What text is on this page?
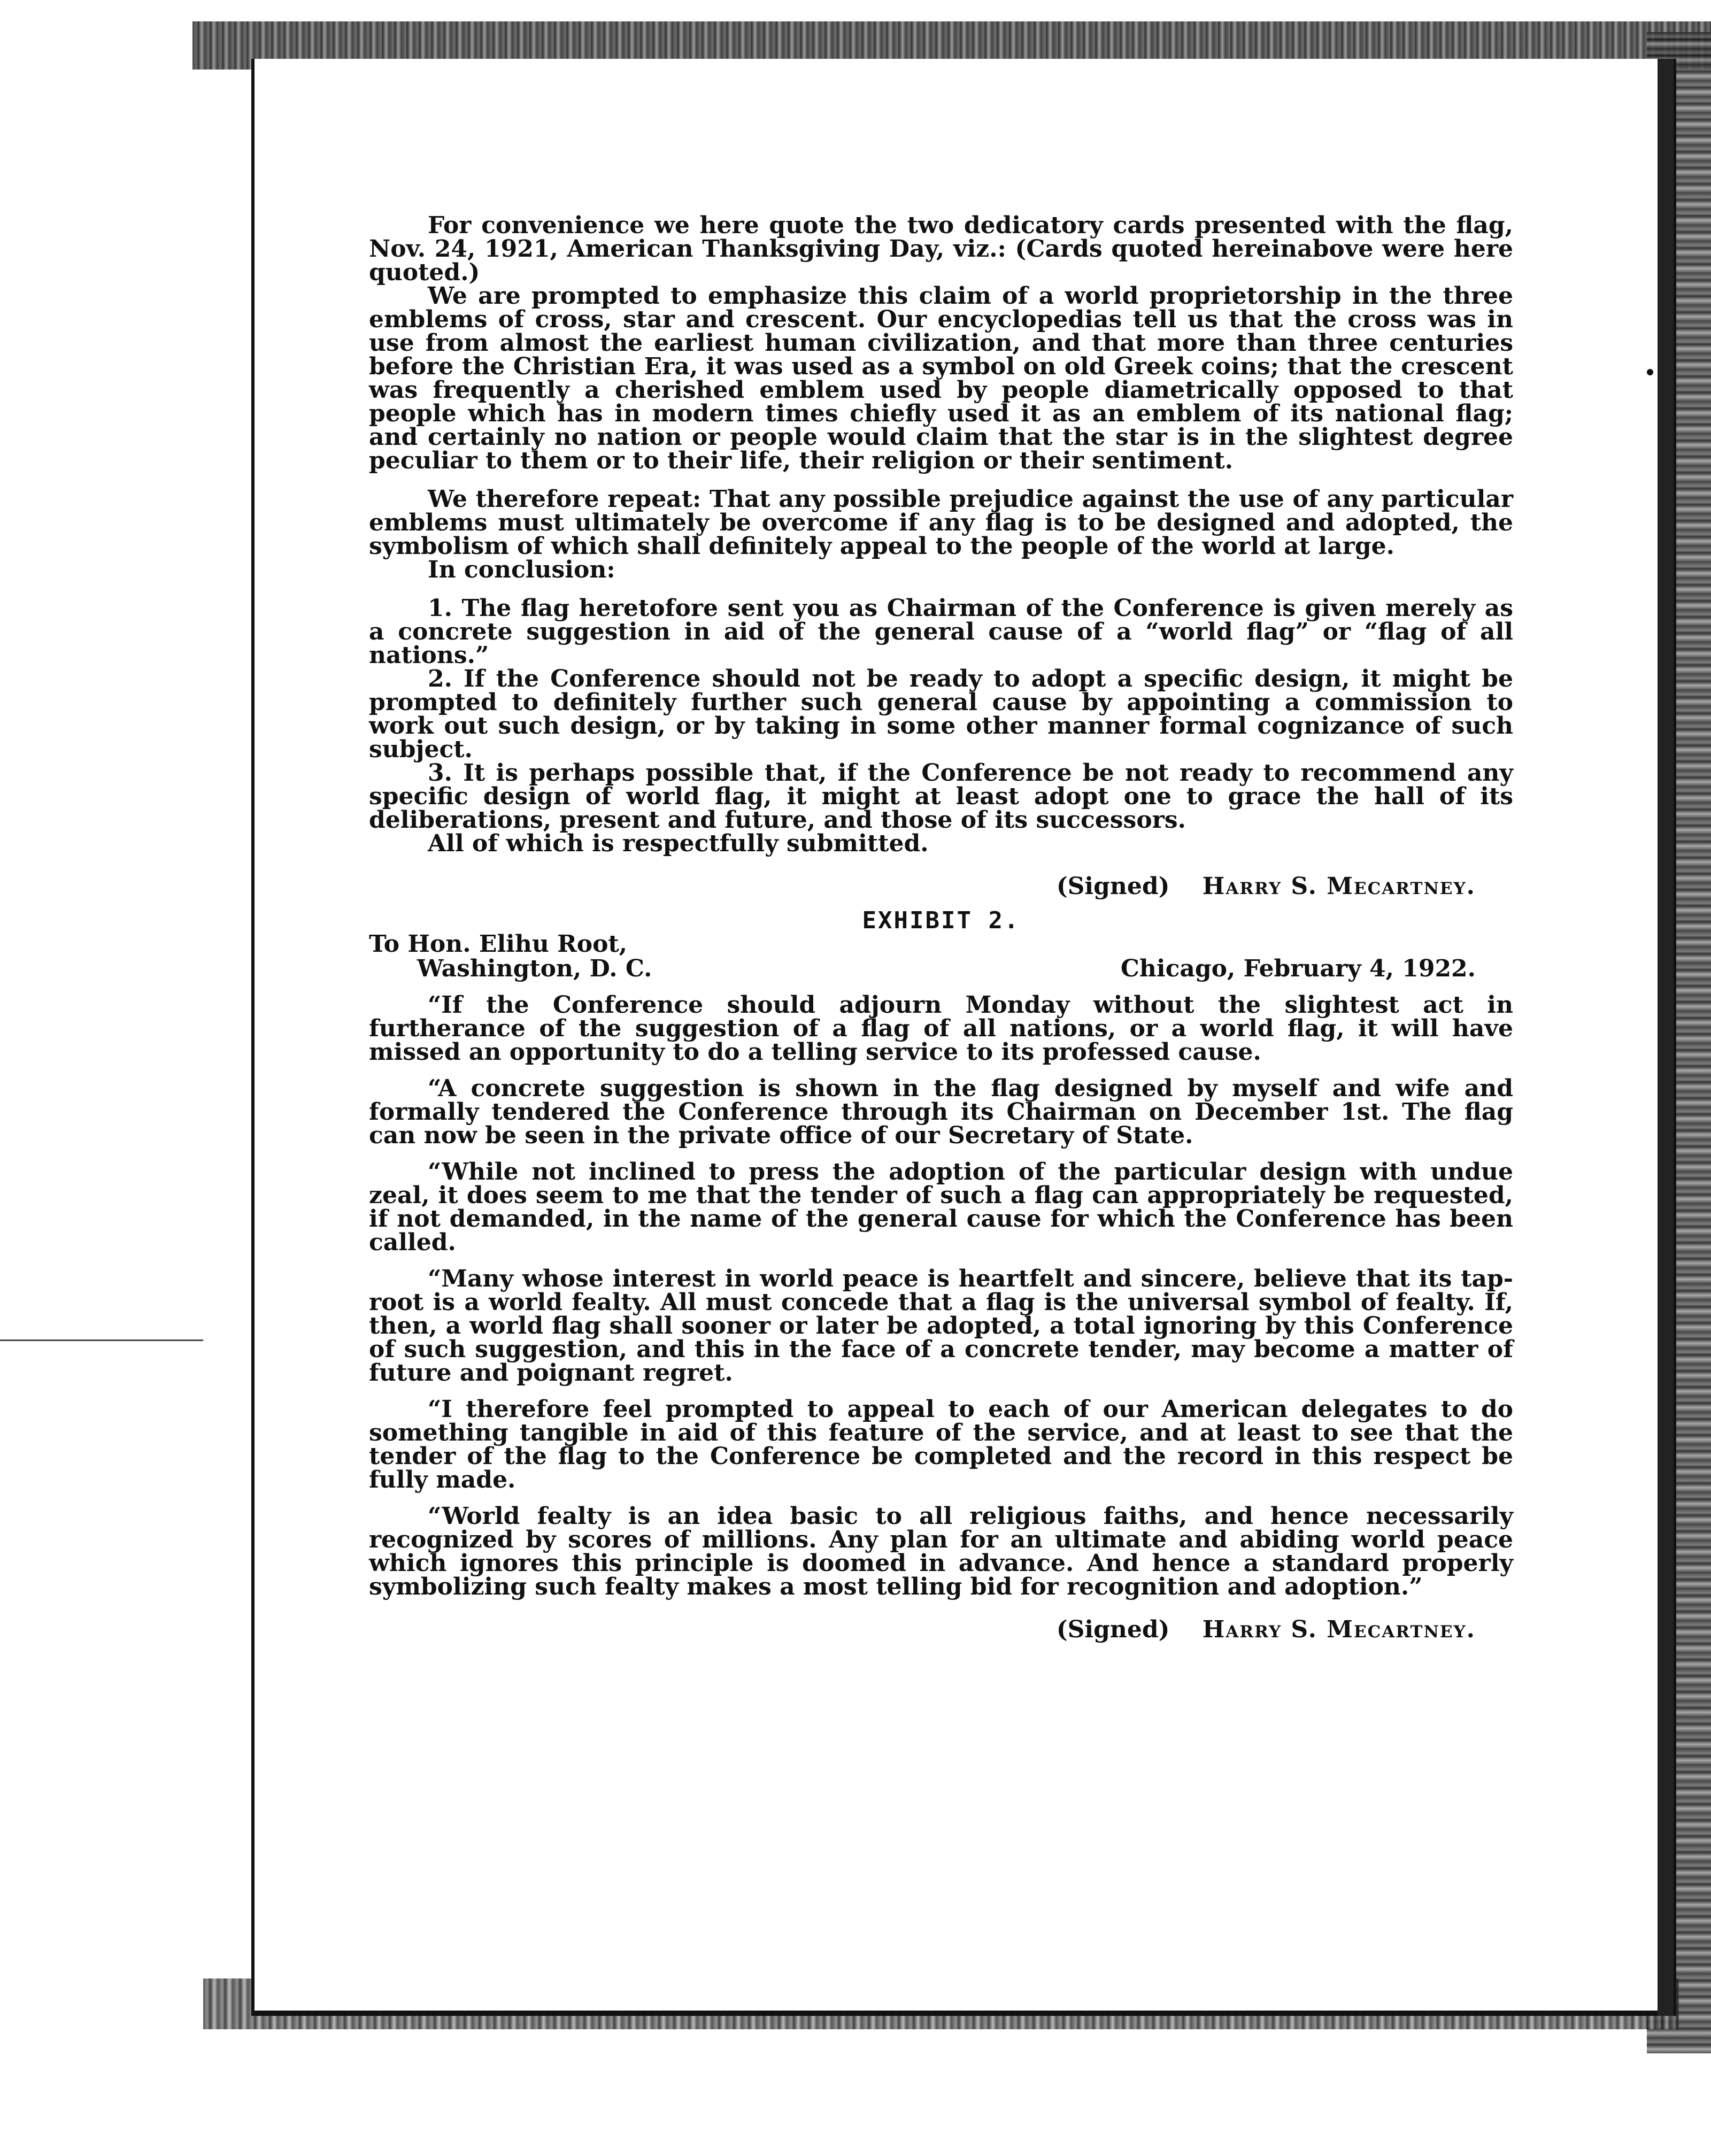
For convenience we here quote the two dedicatory cards presented with the flag, Nov. 24, 1921, American Thanksgiving Day, viz.: (Cards quoted hereinabove were here quoted.)

We are prompted to emphasize this claim of a world proprietorship in the three emblems of cross, star and crescent. Our encyclopedias tell us that the cross was in use from almost the earliest human civilization, and that more than three centuries before the Christian Era, it was used as a symbol on old Greek coins; that the crescent was frequently a cherished emblem used by people diametrically opposed to that people which has in modern times chiefly used it as an emblem of its national flag; and certainly no nation or people would claim that the star is in the slightest degree peculiar to them or to their life, their religion or their sentiment.

We therefore repeat: That any possible prejudice against the use of any particular emblems must ultimately be overcome if any flag is to be designed and adopted, the symbolism of which shall definitely appeal to the people of the world at large.

In conclusion:

1. The flag heretofore sent you as Chairman of the Conference is given merely as a concrete suggestion in aid of the general cause of a “world flag” or “flag of all nations.”

2. If the Conference should not be ready to adopt a specific design, it might be prompted to definitely further such general cause by appointing a commission to work out such design, or by taking in some other manner formal cognizance of such subject.

3. It is perhaps possible that, if the Conference be not ready to recommend any specific design of world flag, it might at least adopt one to grace the hall of its deliberations, present and future, and those of its successors.

All of which is respectfully submitted.

(Signed) Harry S. Mecartney.

EXHIBIT 2.

To Hon. Elihu Root,
Washington, D. C.	Chicago, February 4, 1922.

“If the Conference should adjourn Monday without the slightest act in furtherance of the suggestion of a flag of all nations, or a world flag, it will have missed an opportunity to do a telling service to its professed cause.

“A concrete suggestion is shown in the flag designed by myself and wife and formally tendered the Conference through its Chairman on December 1st. The flag can now be seen in the private office of our Secretary of State.

“While not inclined to press the adoption of the particular design with undue zeal, it does seem to me that the tender of such a flag can appropriately be requested, if not demanded, in the name of the general cause for which the Conference has been called.

“Many whose interest in world peace is heartfelt and sincere, believe that its tap-root is a world fealty. All must concede that a flag is the universal symbol of fealty. If, then, a world flag shall sooner or later be adopted, a total ignoring by this Conference of such suggestion, and this in the face of a concrete tender, may become a matter of future and poignant regret.

“I therefore feel prompted to appeal to each of our American delegates to do something tangible in aid of this feature of the service, and at least to see that the tender of the flag to the Conference be completed and the record in this respect be fully made.

“World fealty is an idea basic to all religious faiths, and hence necessarily recognized by scores of millions. Any plan for an ultimate and abiding world peace which ignores this principle is doomed in advance. And hence a standard properly symbolizing such fealty makes a most telling bid for recognition and adoption.”

(Signed) Harry S. Mecartney.
